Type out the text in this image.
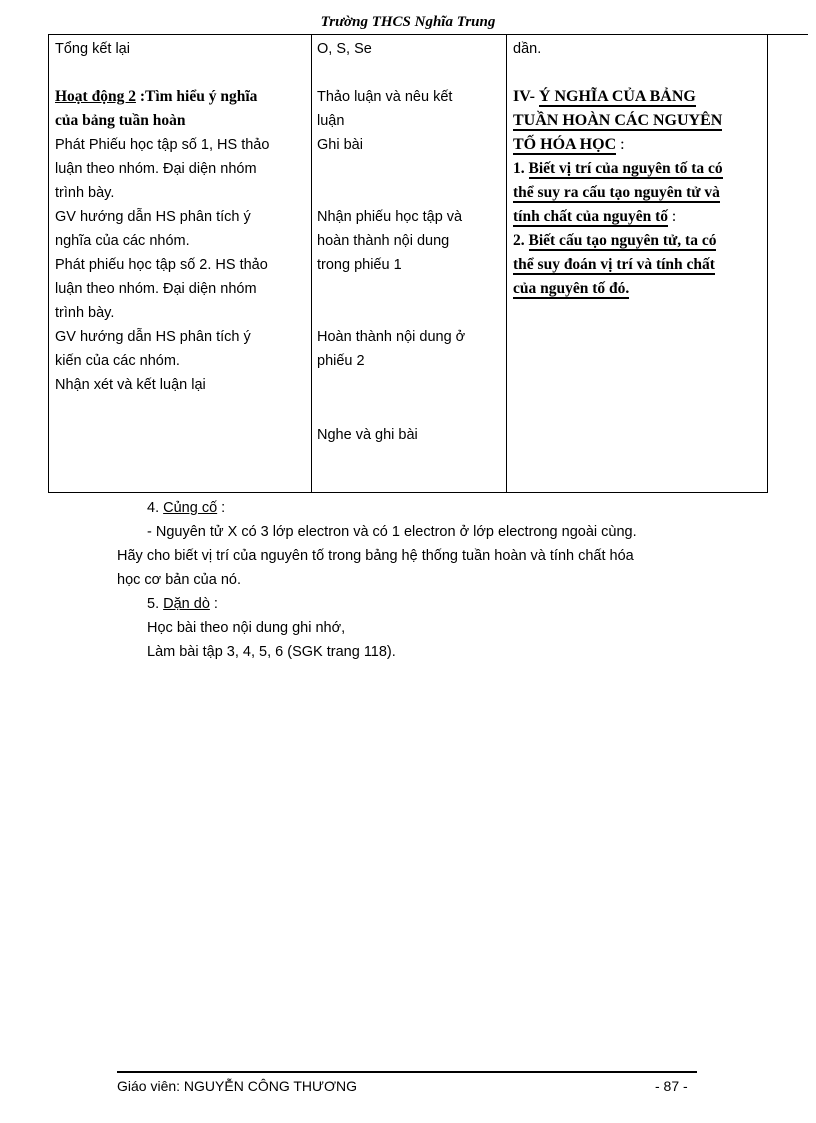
Trường THCS Nghĩa Trung

Tổng kết lại

Hoạt động 2 :Tìm hiểu ý nghĩa

của bảng tuần hoàn

Phát Phiếu học tập số 1, HS thảo

luận theo nhóm. Đại diện nhóm

trình bày.

GV hướng dẫn HS phân tích ý

nghĩa của các nhóm.

Phát phiếu học tập số 2. HS thảo

luận theo nhóm. Đại diện nhóm

trình bày.

GV hướng dẫn HS phân tích ý

kiến của các nhóm.

Nhận xét và kết luận lại

O, S, Se

Thảo luận và nêu kết

luận

Ghi bài

Nhận phiếu học tập và

hoàn thành nội dung

trong phiếu 1

Hoàn thành nội dung ở

phiếu 2

Nghe và ghi bài

dần.

IV- Ý NGHĨA CỦA BẢNG

TUẦN HOÀN CÁC NGUYÊN

TỐ HÓA HỌC :

1. Biết vị trí của nguyên tố ta có

thể suy ra cấu tạo nguyên tử và

tính chất của nguyên tố :

2. Biết cấu tạo nguyên tử, ta có

thể suy đoán vị trí và tính chất

của nguyên tố đó.

4. Củng cố :

- Nguyên tử X có 3 lớp electron và có 1 electron ở lớp electrong ngoài cùng.

Hãy cho biết vị trí của nguyên tố trong bảng hệ thống tuần hoàn và tính chất hóa

học cơ bản của nó.

5. Dặn dò :

Học bài theo nội dung ghi nhớ,

Làm bài tập 3, 4, 5, 6 (SGK trang 118).

Giáo viên: NGUYỄN CÔNG THƯƠNG	- 87 -
